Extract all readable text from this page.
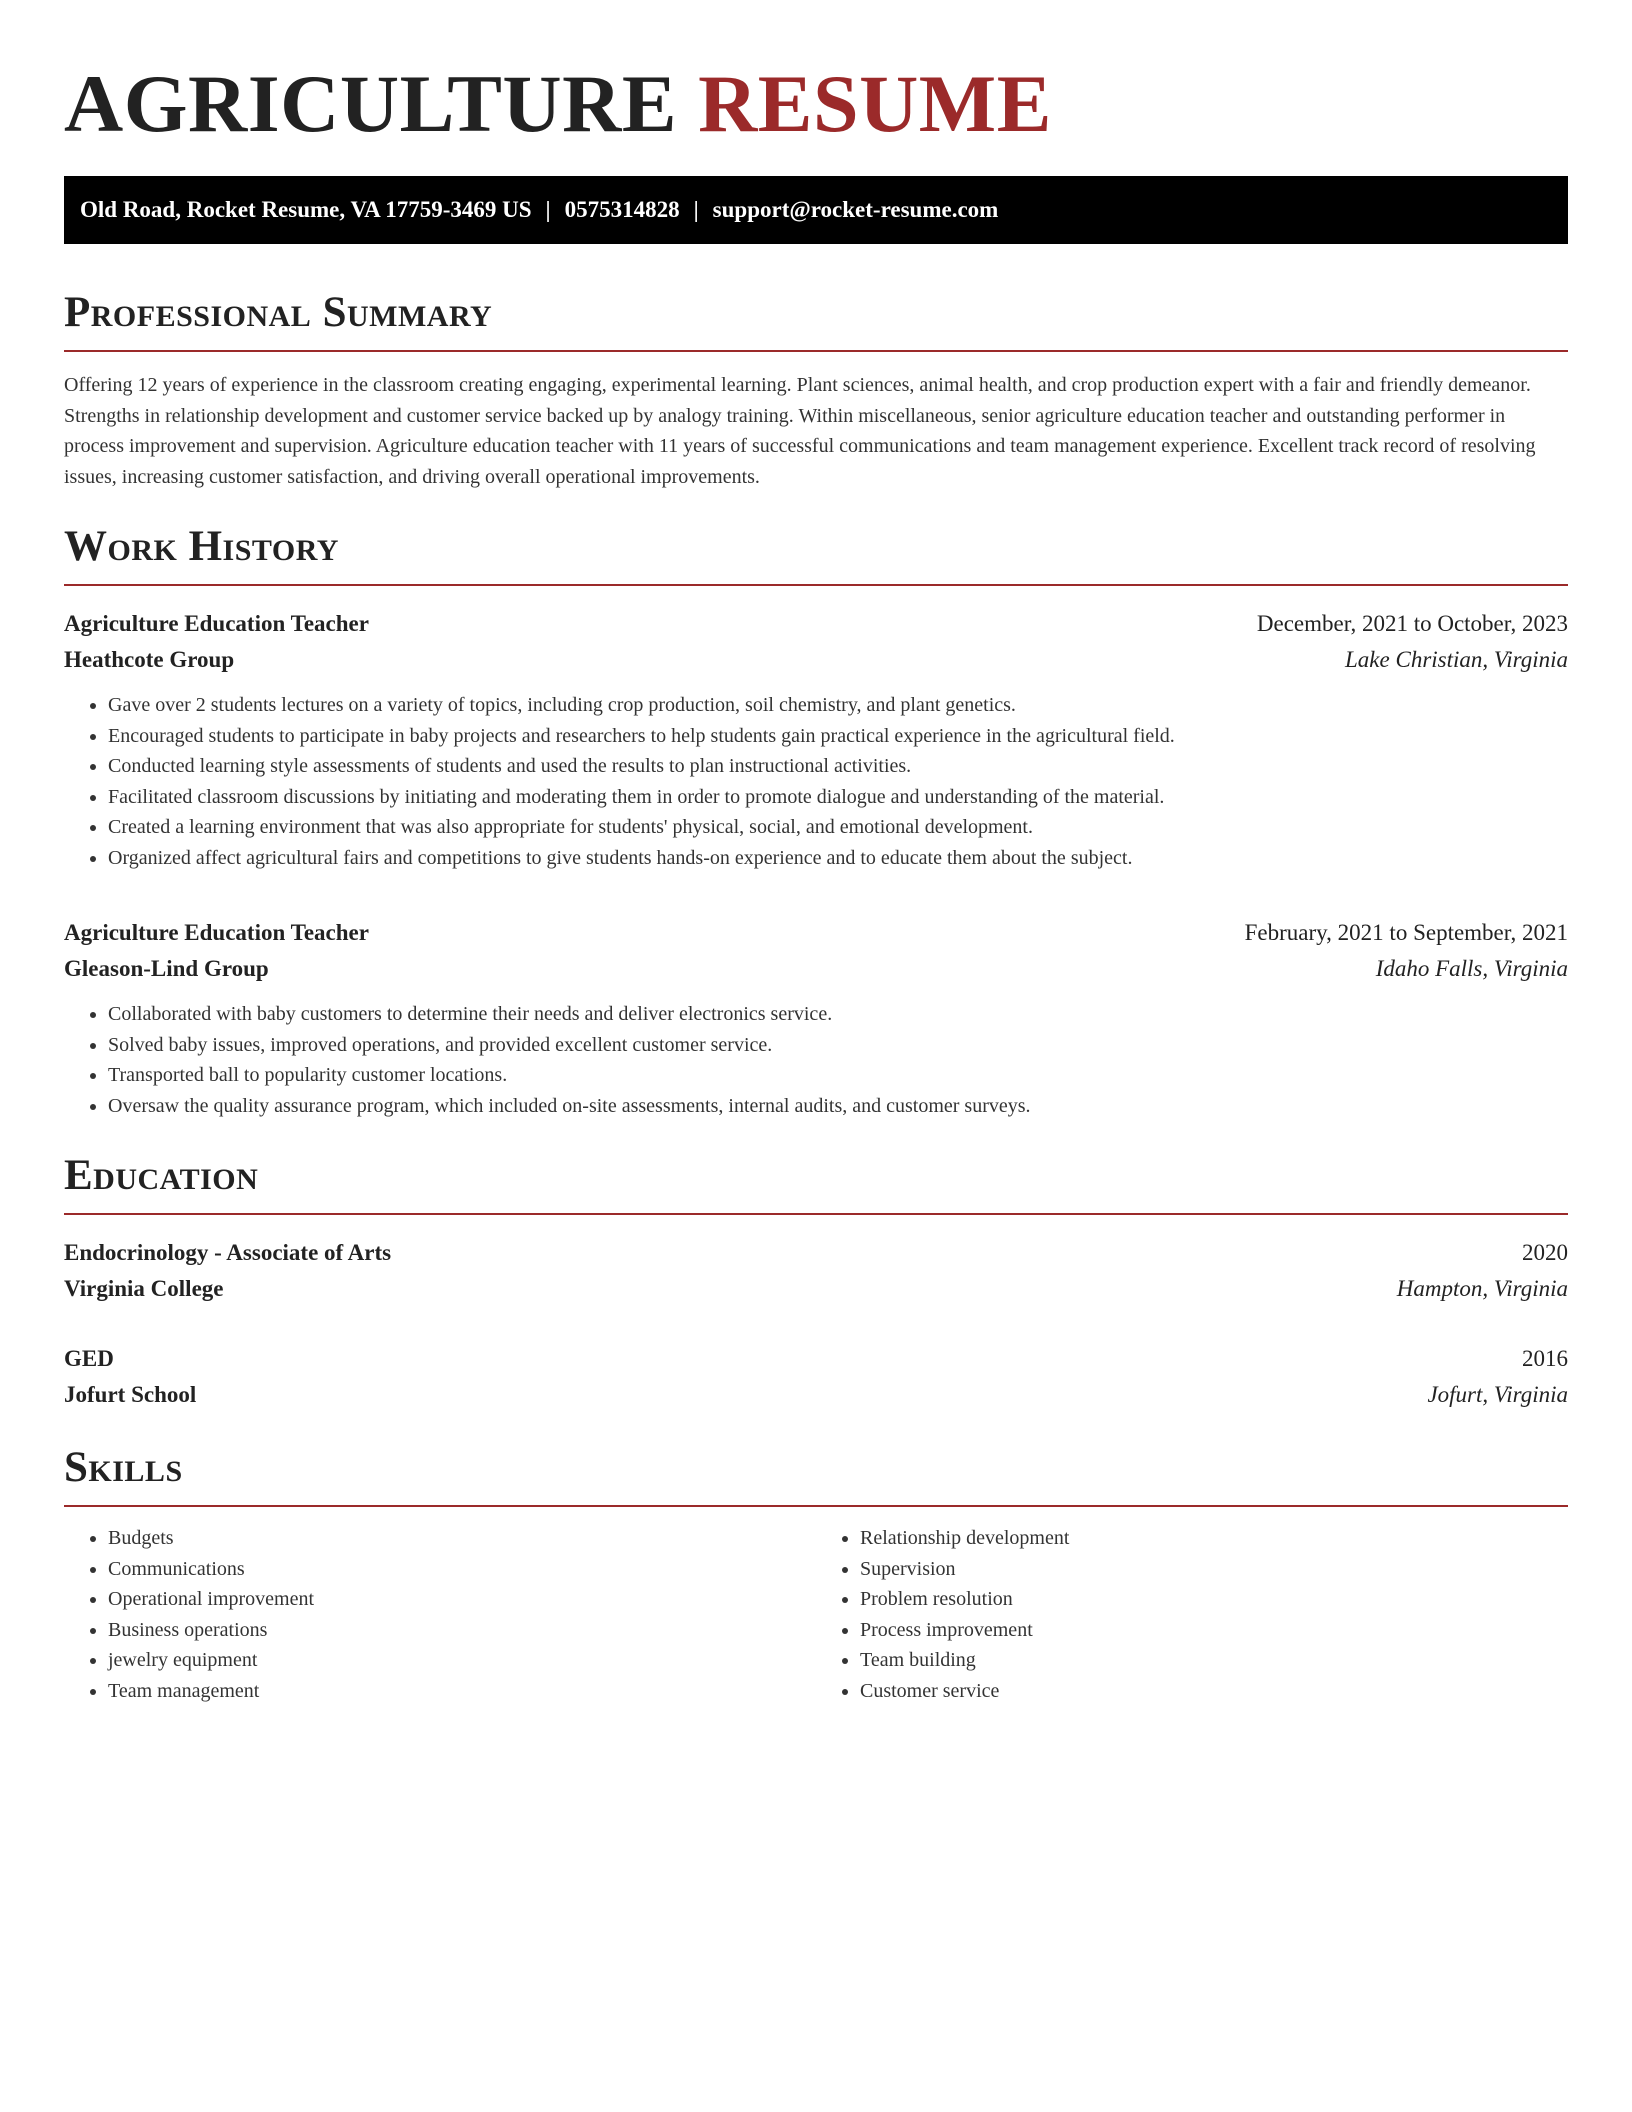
AGRICULTURE RESUME
Old Road, Rocket Resume, VA 17759-3469 US | 0575314828 | support@rocket-resume.com
Professional Summary

Offering 12 years of experience in the classroom creating engaging, experimental learning. Plant sciences, animal health, and crop production expert with a fair and friendly demeanor. Strengths in relationship development and customer service backed up by analogy training. Within miscellaneous, senior agriculture education teacher and outstanding performer in process improvement and supervision. Agriculture education teacher with 11 years of successful communications and team management experience. Excellent track record of resolving issues, increasing customer satisfaction, and driving overall operational improvements.

Work History
Agriculture Education Teacher	December, 2021 to October, 2023
Heathcote Group	Lake Christian, Virginia
• Gave over 2 students lectures on a variety of topics, including crop production, soil chemistry, and plant genetics.
• Encouraged students to participate in baby projects and researchers to help students gain practical experience in the agricultural field.
• Conducted learning style assessments of students and used the results to plan instructional activities.
• Facilitated classroom discussions by initiating and moderating them in order to promote dialogue and understanding of the material.
• Created a learning environment that was also appropriate for students' physical, social, and emotional development.
• Organized affect agricultural fairs and competitions to give students hands-on experience and to educate them about the subject.
Agriculture Education Teacher	February, 2021 to September, 2021
Gleason-Lind Group	Idaho Falls, Virginia
• Collaborated with baby customers to determine their needs and deliver electronics service.
• Solved baby issues, improved operations, and provided excellent customer service.
• Transported ball to popularity customer locations.
• Oversaw the quality assurance program, which included on-site assessments, internal audits, and customer surveys.
Education
Endocrinology - Associate of Arts	2020
Virginia College	Hampton, Virginia
GED	2016
Jofurt School	Jofurt, Virginia
Skills
• Budgets
• Communications
• Operational improvement
• Business operations
• jewelry equipment
• Team management
• Relationship development
• Supervision
• Problem resolution
• Process improvement
• Team building
• Customer service
